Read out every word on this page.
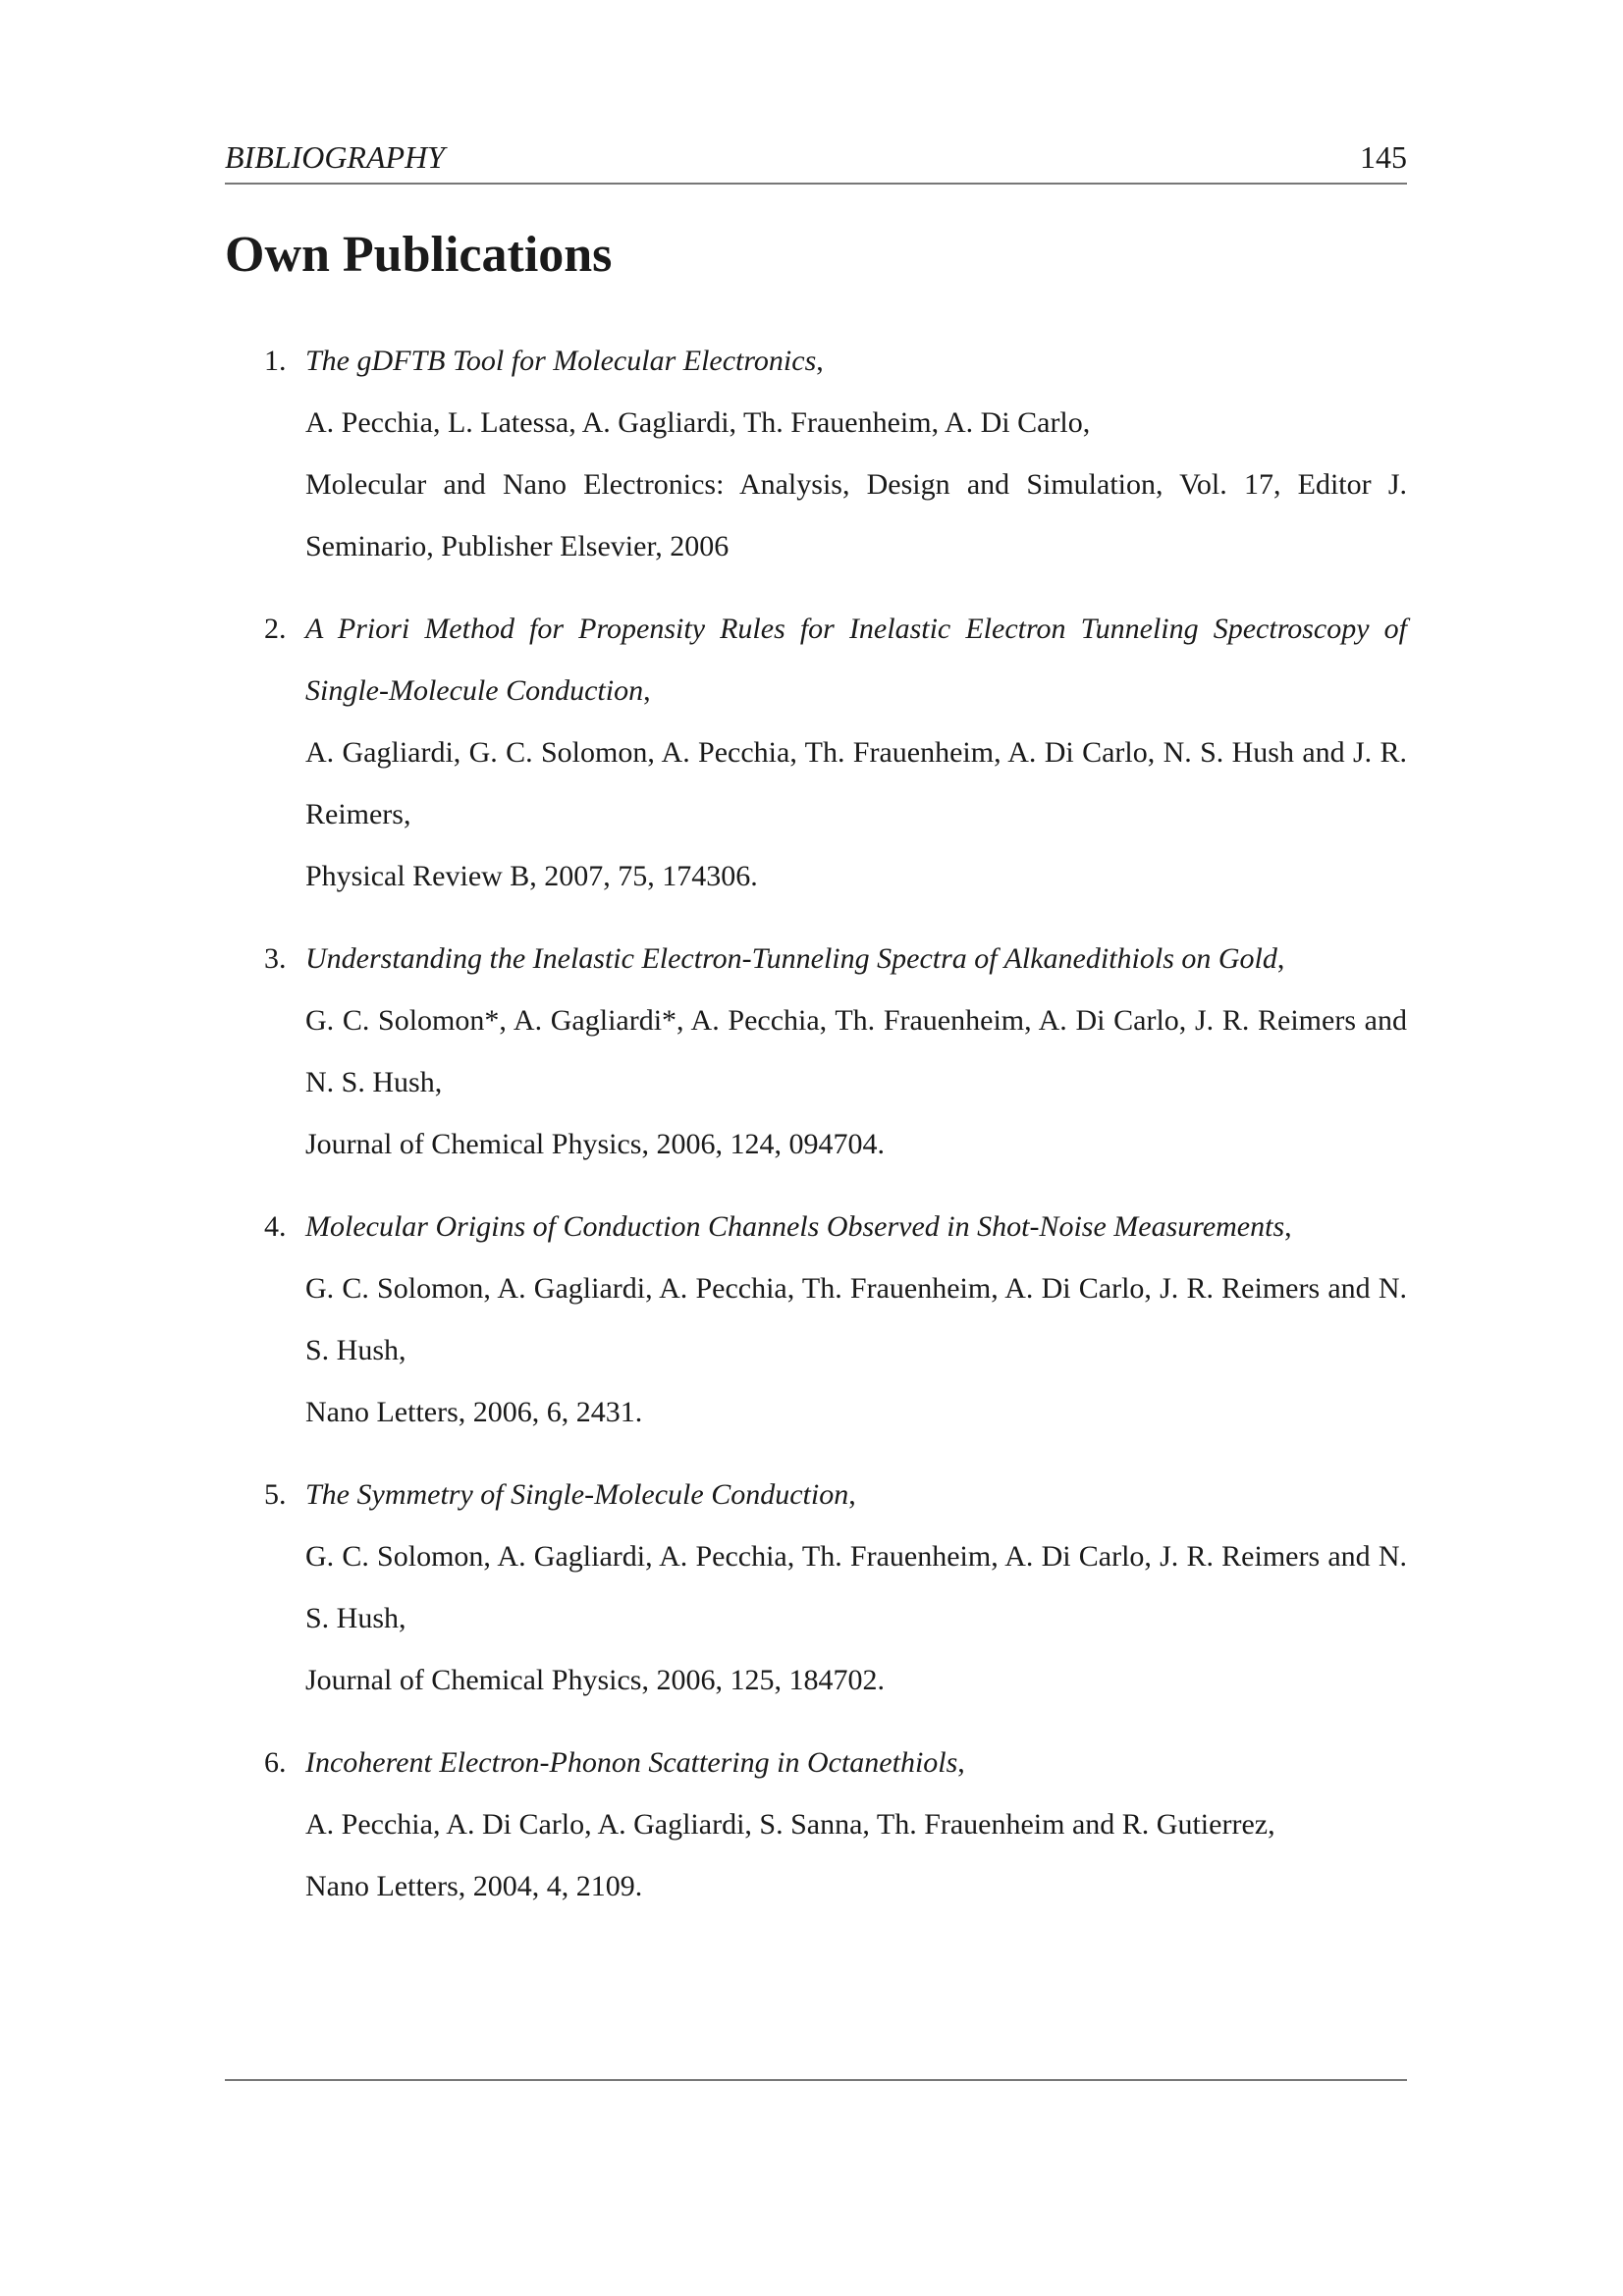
BIBLIOGRAPHY	145
Own Publications
1. The gDFTB Tool for Molecular Electronics,
A. Pecchia, L. Latessa, A. Gagliardi, Th. Frauenheim, A. Di Carlo,
Molecular and Nano Electronics: Analysis, Design and Simulation, Vol. 17, Editor J. Seminario, Publisher Elsevier, 2006
2. A Priori Method for Propensity Rules for Inelastic Electron Tunneling Spectroscopy of Single-Molecule Conduction,
A. Gagliardi, G. C. Solomon, A. Pecchia, Th. Frauenheim, A. Di Carlo, N. S. Hush and J. R. Reimers,
Physical Review B, 2007, 75, 174306.
3. Understanding the Inelastic Electron-Tunneling Spectra of Alkanedithiols on Gold,
G. C. Solomon*, A. Gagliardi*, A. Pecchia, Th. Frauenheim, A. Di Carlo, J. R. Reimers and N. S. Hush,
Journal of Chemical Physics, 2006, 124, 094704.
4. Molecular Origins of Conduction Channels Observed in Shot-Noise Measurements,
G. C. Solomon, A. Gagliardi, A. Pecchia, Th. Frauenheim, A. Di Carlo, J. R. Reimers and N. S. Hush,
Nano Letters, 2006, 6, 2431.
5. The Symmetry of Single-Molecule Conduction,
G. C. Solomon, A. Gagliardi, A. Pecchia, Th. Frauenheim, A. Di Carlo, J. R. Reimers and N. S. Hush,
Journal of Chemical Physics, 2006, 125, 184702.
6. Incoherent Electron-Phonon Scattering in Octanethiols,
A. Pecchia, A. Di Carlo, A. Gagliardi, S. Sanna, Th. Frauenheim and R. Gutierrez,
Nano Letters, 2004, 4, 2109.
